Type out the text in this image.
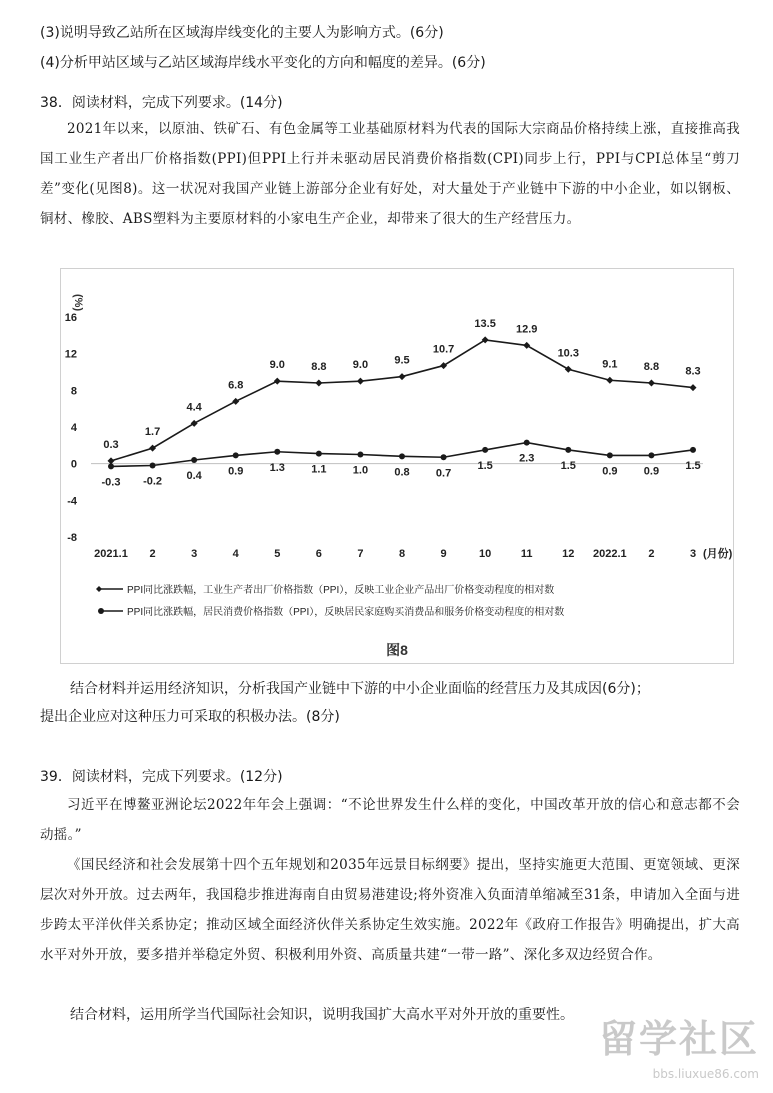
(3)说明导致乙站所在区域海岸线变化的主要人为影响方式。(6分)
(4)分析甲站区域与乙站区域海岸线水平变化的方向和幅度的差异。(6分)
38．阅读材料，完成下列要求。(14分)

2021年以来，以原油、铁矿石、有色金属等工业基础原材料为代表的国际大宗商品价格持续上涨，直接推高我国工业生产者出厂价格指数(PPI)但PPI上行并未驱动居民消费价格指数(CPI)同步上行，PPI与CPI总体呈“剪刀差”变化(见图8)。这一状况对我国产业链上游部分企业有好处，对大量处于产业链中下游的中小企业，如以钢板、铜材、橡胶、ABS塑料为主要原材料的小家电生产企业，却带来了很大的生产经营压力。

(%)
-8
-4
0
4
8
12
16
2021.1 2	3	4	5	6	7	8	9	10	11	12 2022.1 2	3 (月份)
0.3
1.7
4.4
6.8
9.0 8.8 9.0 9.5
10.7
13.5 12.9
10.3
9.1 8.8 8.3
-0.3 -0.2 0.4 0.9 1.3 1.1 1.0 0.8 0.7
1.5
2.3
1.5 0.9 0.9 1.5
PPI同比涨跌幅，工业生产者出厂价格指数（PPI），反映工业企业产品出厂价格变动程度的相对数
PPI同比涨跌幅，居民消费价格指数（PPI），反映居民家庭购买消费品和服务价格变动程度的相对数
图8
结合材料并运用经济知识，分析我国产业链中下游的中小企业面临的经营压力及其成因(6分)；
提出企业应对这种压力可采取的积极办法。(8分)
39．阅读材料，完成下列要求。(12分)

习近平在博鳌亚洲论坛2022年年会上强调：“不论世界发生什么样的变化，中国改革开放的信心和意志都不会动摇。”

《国民经济和社会发展第十四个五年规划和2035年远景目标纲要》提出，坚持实施更大范围、更宽领域、更深层次对外开放。过去两年，我国稳步推进海南自由贸易港建设;将外资准入负面清单缩减至31条，申请加入全面与进步跨太平洋伙伴关系协定；推动区域全面经济伙伴关系协定生效实施。2022年《政府工作报告》明确提出，扩大高水平对外开放，要多措并举稳定外贸、积极利用外资、高质量共建“一带一路”、深化多双边经贸合作。

结合材料，运用所学当代国际社会知识，说明我国扩大高水平对外开放的重要性。
留学社区
bbs.liuxue86.com
